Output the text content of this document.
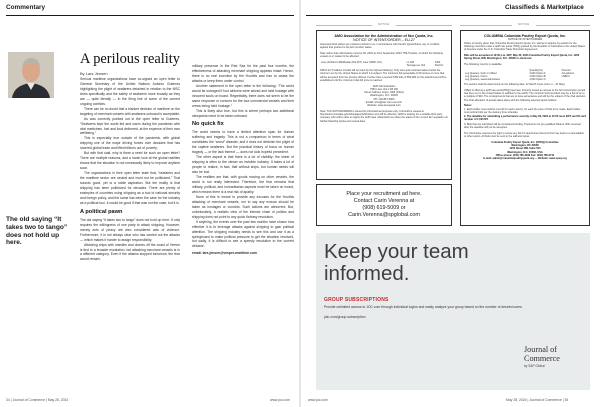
Commentary
The old saying “It takes two to tango” does not hold up here.
A perilous reality
By Lars Jensen

Serious maritime organizations have co-signed an open letter to General Secretary of the United Nations António Guterres highlighting the plight of seafarers detained in relation to the MSC Aries specifically and the safety of seafarers more broadly as they are — quite literally — in the firing line of some of the current ongoing conflicts.

There can be no doubt that a blanket decision of maritime on the targeting of merchant vessels with seafarers onboard is acceptable.

As was correctly pointed out in the open letter to Guterres, “Seafarers kept the world fed and warm during the pandemic with vital medicines, fuel and food delivered, at the expense of their own wellbeing.”

This is especially true outside of the pandemic, with global shipping one of the major driving forces over decades that has lowered global trade and lifted billions out of poverty.

But with that said, why is there a need for such an open letter? There are multiple reasons, and a harsh look at the global realities shows that the situation is not necessarily likely to improve anytime soon.

The organizations in their open letter state that, “seafarers and the maritime sector are neutral and must not be politicized.” That sounds good, yet is a noble aspiration. But the reality is that shipping has been politicized for decades. There are plenty of examples of countries using shipping as a tool of national security and foreign policy, and the same has been the case for the industry as a political tool. It would be good if that was not the case, but it is.

A political pawn

The old saying “It takes two to tango” does not hold up here. It only requires the willingness of one party to attack shipping. However, merely acts of piracy are also considered acts of violence. Furthermore, it is not always clear who has carried out the attacks — which makes it harder to assign responsibility.

Attacking ships with missiles and drones off the coast of Yemen is tied to a broader escalation, but attacking merchant vessels is in a different category. Even if the attacks stopped tomorrow, the fear would remain.

military presence in the Red Sea for the past four months, the effectiveness of attacking merchant shipping appears intact. Hence, there is no real incentive by the Houthis and Iran to cease the attacks or keep them under control.

Another statement in the open letter is the following: “The world would be outraged if four airliners were seized and held hostage with innocent souls on board. Regrettably, there does not seem to be the same response or concern for the four commercial vessels and their crews being held hostage.”

This is likely also true, but this is where perhaps two additional viewpoints need to be taken onboard.

No quick fix

The world seems to have a limited attention span for human suffering and tragedy. This is not a comparison in terms of what constitutes the “worst” disaster, and it does not diminish the plight of the captive seafarers. But the practical history of focus on human tragedy — or the lack thereof — does not look hopeful precedent.

The other aspect is that there is a lot of visibility: the sheer of shipping is often to the viewer an invisible industry. It takes a lot of people to realize, in fact, that without ships, but human needs will also be lost.

The realities are that, with goods moving on other vessels, the world is not really interested. Therefore, the fear remains that military, political, and humanitarian aspects must be taken on board, which means there is a real risk of apathy.

None of this is meant to provide any excuses for the Houthis attacking of merchant vessels, nor to say any excuse should be taken as hostages or convicts. Such actions are abhorrent. But, unfortunately, a realistic view of the intense chain of politics and shipping does not point to any quick fix/easy resolution.

If anything, the events over the past few months have shown how effective it is to leverage attacks against shipping to gain political attention. The shipping industry needs to see this and use it as a springboard to make political pressure to get the situation resolved, but sadly, it is difficult to see a speedy resolution to the current debacle.

email: lars.jensen@vesper-maritime.com

34 | Journal of Commerce | May 28, 2024	www.joc.com
Classifieds & Marketplace
NOTICE	NOTICE
AMO Association for the Administration of Nur Quota, Inc.
NOTICE OF INTENT/ORDER – EU-27

Interested third parties are invited to submit to us, in accordance with the EU Quota Rules, any or conflicts against that granted to the EU member states.

Take notice that submissions must be 30, 2024 as from September 2024 THE Transfer, to which the following vessels is or related to be affected:

Lone (Artbled to Mild/Faslan Fila (P/T) Lane 33300, GO)	LL 033	4400
	Tonnage per Unit	Paid for

NRCA for 5 Gallons Credits will be rated by the highest bidder(s). Only sure and recorded values below the minimum set by the United States to which it is subject. The minimum bid acceptable is 50 tonnes or more that will be accepted from the price(s) offered. Further than a second SSS bids of 650,000 on the total bid and will be established until the minimum total bid price is reached.

AMO Administration
7952 Lane Unit 2 ## 100
Street Calhoun Grove, M03 (Fibris)
Washington, D.C. 20003
PH: 202-867-5309
E-Mail: amo@site.com-nes.com
Website: www.amoquota.com

Note: This NOTICE/ORDER is issued for informational purposes only. It should be viewed at http://www.consulate.gov/whitepaper/pdf/notice/ and will be effective. AMO is looking for a suitable third party company who will be able to supply the tariff rates. Meanwhile we share the status of the current EU regulation on Global Standing Quota and annual data.

COLUMBIA Columbia Poultry Export Quota, Inc.
NOTICE OF INTENT/ORDER

Notice is hereby given that, Columbia Poultry Export Quota, Inc. wishes to acquire by auction for the following countries under a tariff rate quota (TRQ) granted by the Republic of Colombia to the United States of America under the U.S.-Colombia Trade Promotion Agreement.

Bids will be accepted at 12:00 p.m. EDT, May 30, 2024 Columbia Poultry Export Quota, Inc. 1200 Spring Street, NW, Washington, D.C. 20036 or electronic

The following country is available:

	Quantity(mt)	Price/mt
Leg Quarters, fresh or chilled	4,000 Option A	Ad-valorem
Leg Quarters, frozen	4,000 Option B	US$0.0
Leg Quarters, seasoned/cooked	4,000 Option C	

The auction shall be determined on the following date: 12 Month Cycle (June 1 – 31 May).

CPEQ is offering a tariff rate quota(TRQ) has been formerly issued an access to the full consumption period has been set in the United States in addition to the tariffs. The minimum bid permitted may be a bid of up to a multiple of $10. The consignments that are to have acceptance and will be the subject of the final decision. The final allocation of quotas takes place with the following selected quota holders.

Notes:

1. Each bidder must submit one bid for each country, for each the price of bids to be made. Each bidder must submit bids per the delivery time schedule.

2. The deadline for submitting a performance security is May 28, 2024 at 12:00 noon EDT, and ID card number of 1,500 MT.

3. Bids that are submitted will be considered binding. Preference for pre-qualified bidders. Bids received after the deadline will not be accepted.

The Committee reserves the right to refuse any bid if it determines that such bid may lead to a cancellation or other action. All bids must be sent to the address below.

Columbia Poultry Export Quota, Inc. (CPEQ) Committee
Washington, DC 20036
1200 Street NW, Suite 500
Washington, D.C. 20036, USA
Office phone: (202) 785-4840 Fax: (202) 785-0741
E-mail: admin@columbiapoultryquota.org — Website: www.cpeq.org
Place your recruitment ad here.
Contact Carin Verenna at
(908) 619-5009 or
Carin.Verenna@spglobal.com
Keep your team informed.
GROUP SUBSCRIPTIONS
Provide unlimited access to JOC.com through individual logins and easily analyze your group based on the number of desired users.
join.com/group-subscription
Journal of
Commerce
by S&P Global
www.joc.com	May 28, 2024 | Journal of Commerce | 35
